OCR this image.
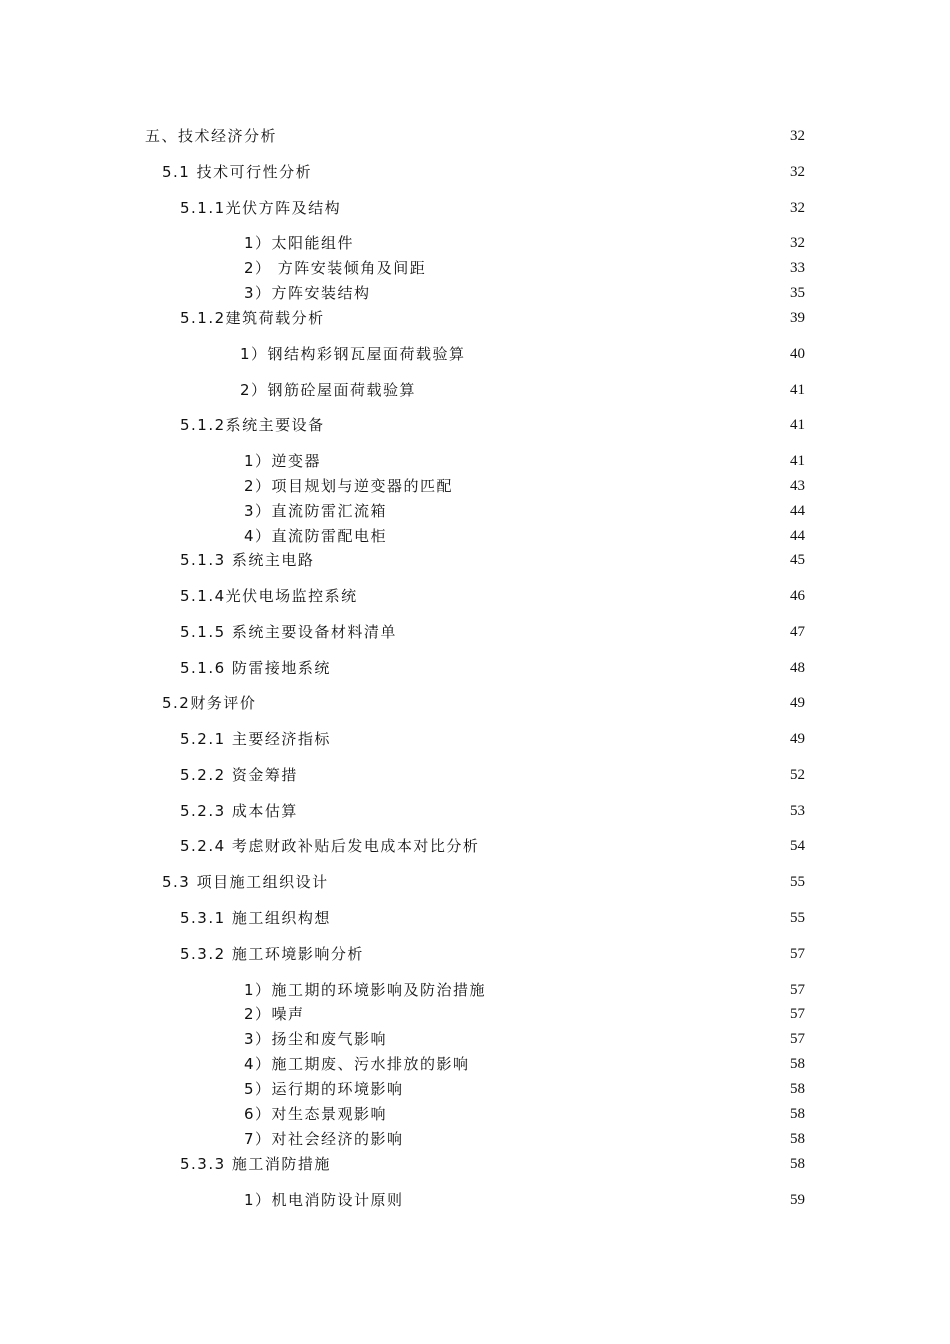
五、技术经济分析	32
5.1 技术可行性分析	32
5.1.1光伏方阵及结构	32
1）太阳能组件	32
2） 方阵安装倾角及间距	33
3）方阵安装结构	35
5.1.2建筑荷载分析	39
1）钢结构彩钢瓦屋面荷载验算	40
2）钢筋砼屋面荷载验算	41
5.1.2系统主要设备	41
1）逆变器	41
2）项目规划与逆变器的匹配	43
3）直流防雷汇流箱	44
4）直流防雷配电柜	44
5.1.3 系统主电路	45
5.1.4光伏电场监控系统	46
5.1.5 系统主要设备材料清单	47
5.1.6 防雷接地系统	48
5.2财务评价	49
5.2.1 主要经济指标	49
5.2.2 资金筹措	52
5.2.3 成本估算	53
5.2.4 考虑财政补贴后发电成本对比分析	54
5.3 项目施工组织设计	55
5.3.1 施工组织构想	55
5.3.2 施工环境影响分析	57
1）施工期的环境影响及防治措施	57
2）噪声	57
3）扬尘和废气影响	57
4）施工期废、污水排放的影响	58
5）运行期的环境影响	58
6）对生态景观影响	58
7）对社会经济的影响	58
5.3.3 施工消防措施	58
1）机电消防设计原则	59
